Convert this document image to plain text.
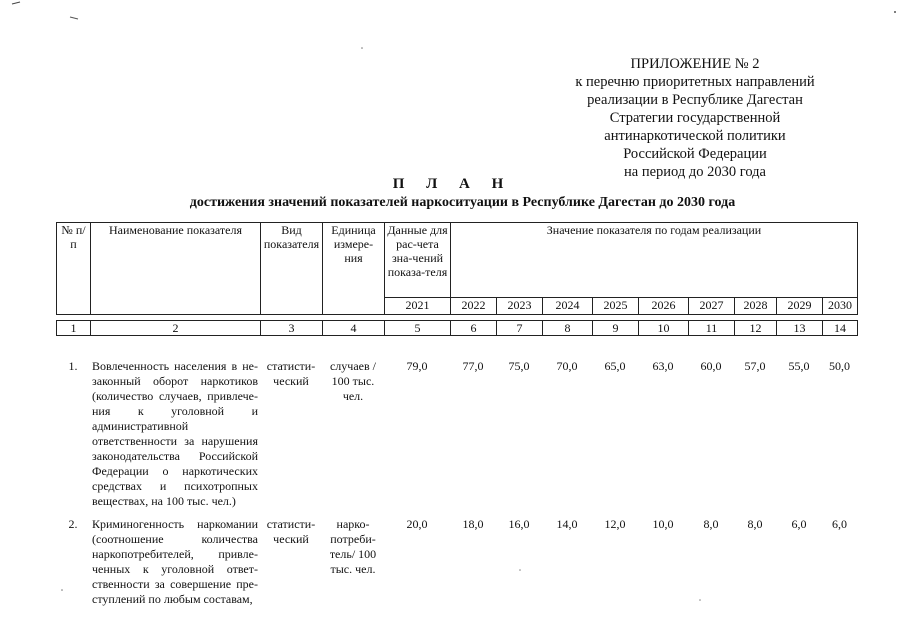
ПРИЛОЖЕНИЕ № 2
к перечню приоритетных направлений
реализации в Республике Дагестан
Стратегии государственной
антинаркотической политики
Российской Федерации
на период до 2030 года
П Л А Н
достижения значений показателей наркоситуации в Республике Дагестан до 2030 года
№ п/п	Наименование показателя	Вид показателя	Единица измере-ния	Данные для рас-чета зна-чений показа-теля	Значение показателя по годам реализации								
				2021	2022	2023	2024	2025	2026	2027	2028	2029	2030

1	2	3	4	5	6	7	8	9	10	11	12	13	14
1.	Вовлеченность населения в не-законный оборот наркотиков (количество случаев, привлече-ния к уголовной и административной ответственности за нарушения законодательства Российской Федерации о наркотических средствах и психотропных веществах, на 100 тыс. чел.)	статисти-ческий	случаев / 100 тыс. чел.	79,0	77,0	75,0	70,0	65,0	63,0	60,0	57,0	55,0	50,0
2.	Криминогенность наркомании (соотношение количества наркопотребителей, привле-ченных к уголовной ответ-ственности за совершение пре-ступлений по любым составам,	статисти-ческий	нарко-потреби-тель/ 100 тыс. чел.	20,0	18,0	16,0	14,0	12,0	10,0	8,0	8,0	6,0	6,0
